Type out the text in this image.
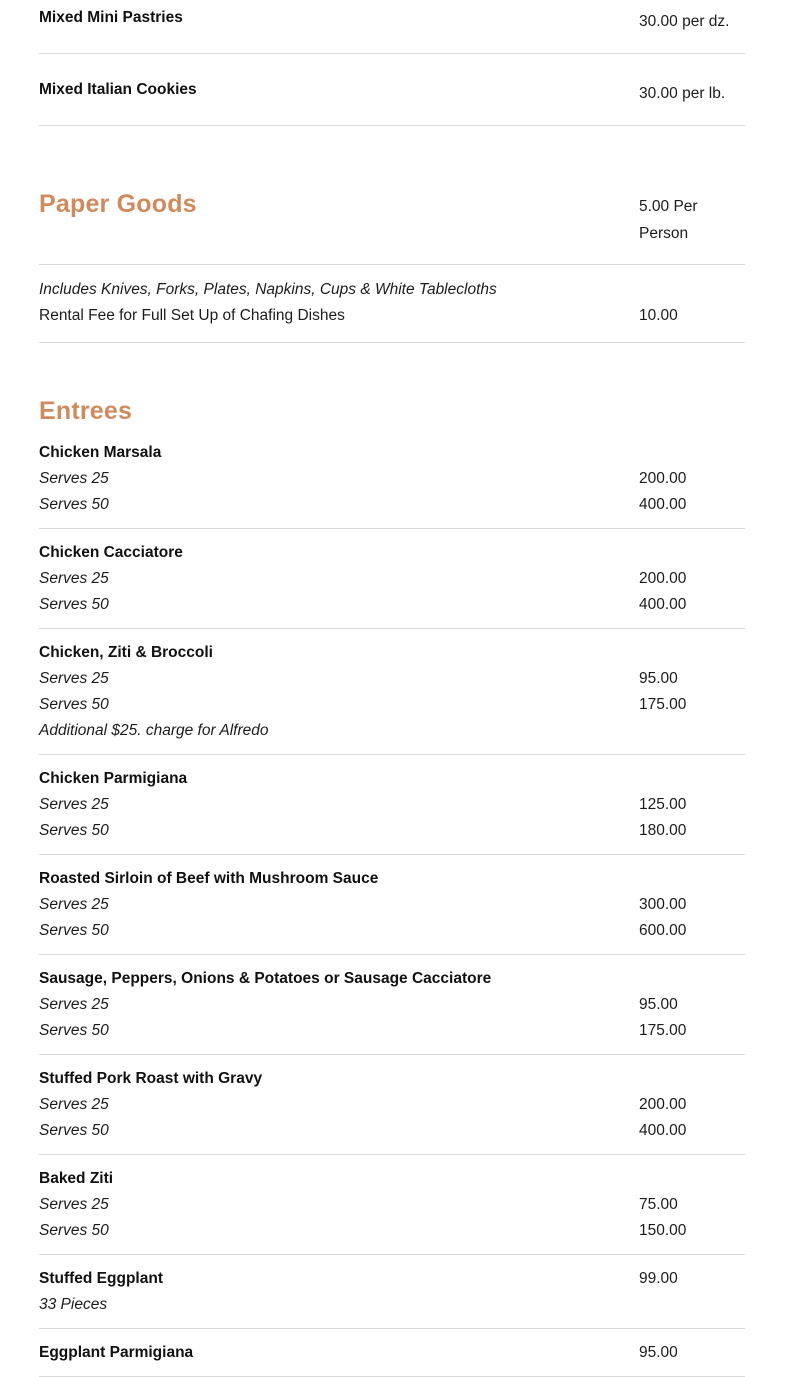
Mixed Mini Pastries	30.00 per dz.
Mixed Italian Cookies	30.00 per lb.
Paper Goods	5.00 Per Person
Includes Knives, Forks, Plates, Napkins, Cups & White Tablecloths
Rental Fee for Full Set Up of Chafing Dishes	10.00
Entrees
Chicken Marsala
Serves 25	200.00
Serves 50	400.00
Chicken Cacciatore
Serves 25	200.00
Serves 50	400.00
Chicken, Ziti & Broccoli
Serves 25	95.00
Serves 50	175.00
Additional $25. charge for Alfredo
Chicken Parmigiana
Serves 25	125.00
Serves 50	180.00
Roasted Sirloin of Beef with Mushroom Sauce
Serves 25	300.00
Serves 50	600.00
Sausage, Peppers, Onions & Potatoes or Sausage Cacciatore
Serves 25	95.00
Serves 50	175.00
Stuffed Pork Roast with Gravy
Serves 25	200.00
Serves 50	400.00
Baked Ziti
Serves 25	75.00
Serves 50	150.00
Stuffed Eggplant	99.00
33 Pieces
Eggplant Parmigiana	95.00
